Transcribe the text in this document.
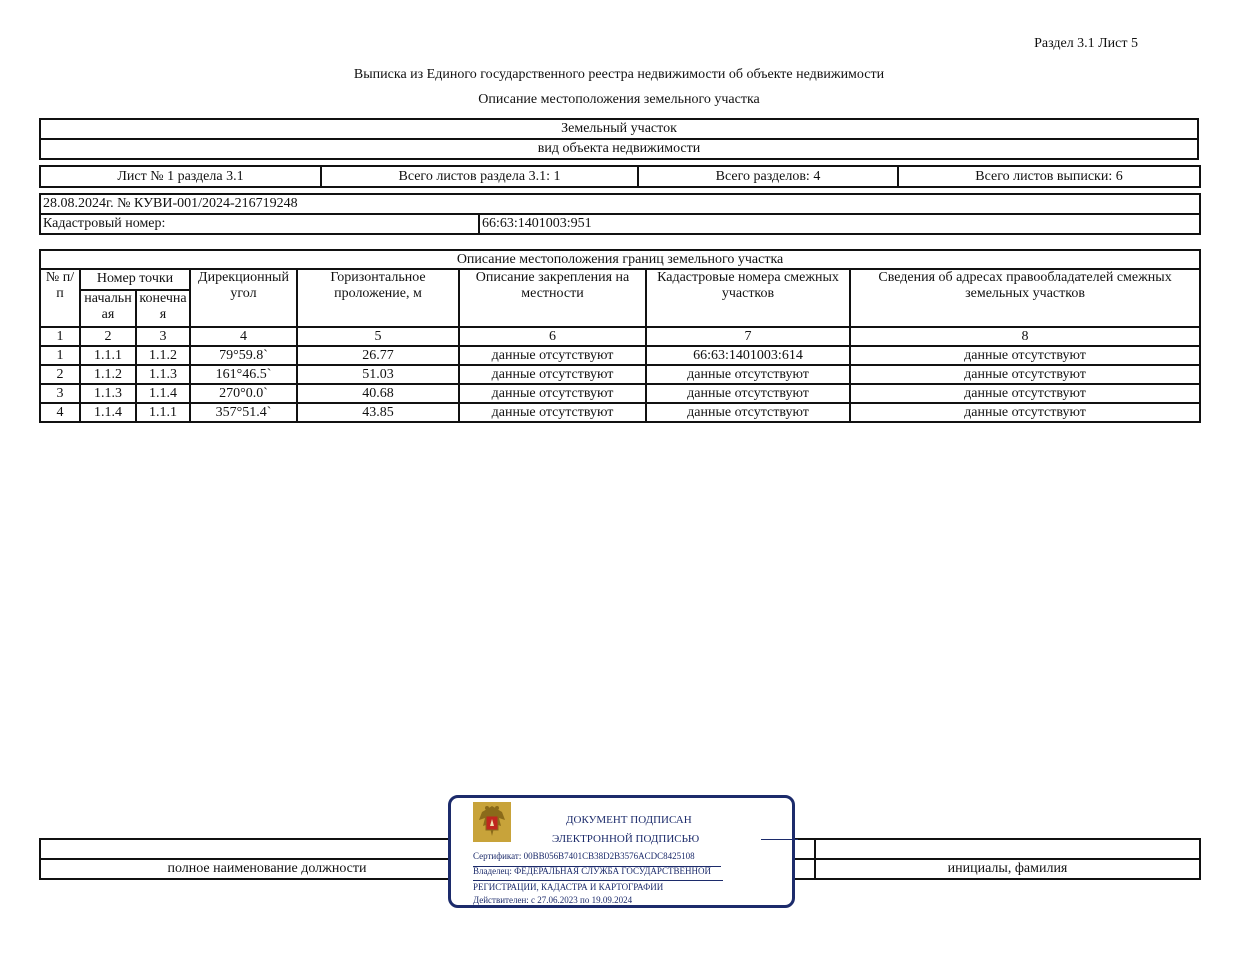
Раздел 3.1 Лист 5
Выписка из Единого государственного реестра недвижимости об объекте недвижимости
Описание местоположения земельного участка
Земельный участок
вид объекта недвижимости
Лист № 1 раздела 3.1	Всего листов раздела 3.1: 1	Всего разделов: 4	Всего листов выписки: 6
28.08.2024г. № КУВИ-001/2024-216719248
Кадастровый номер:	66:63:1401003:951
Описание местоположения границ земельного участка							
№ п/п	Номер точки		Дирекционный угол	Горизонтальное проложение, м	Описание закрепления на местности	Кадастровые номера смежных участков	Сведения об адресах правообладателей смежных земельных участков
	начальная	конечная					
1	2	3	4	5	6	7	8
1	1.1.1	1.1.2	79°59.8`	26.77	данные отсутствуют	66:63:1401003:614	данные отсутствуют
2	1.1.2	1.1.3	161°46.5`	51.03	данные отсутствуют	данные отсутствуют	данные отсутствуют
3	1.1.3	1.1.4	270°0.0`	40.68	данные отсутствуют	данные отсутствуют	данные отсутствуют
4	1.1.4	1.1.1	357°51.4`	43.85	данные отсутствуют	данные отсутствуют	данные отсутствуют

полное наименование должности		инициалы, фамилия
ДОКУМЕНТ ПОДПИСАН
ЭЛЕКТРОННОЙ ПОДПИСЬЮ
Сертификат: 00BB056B7401CB38D2B3576ACDC8425108
Владелец: ФЕДЕРАЛЬНАЯ СЛУЖБА ГОСУДАРСТВЕННОЙ
РЕГИСТРАЦИИ, КАДАСТРА И КАРТОГРАФИИ
Действителен: с 27.06.2023 по 19.09.2024
